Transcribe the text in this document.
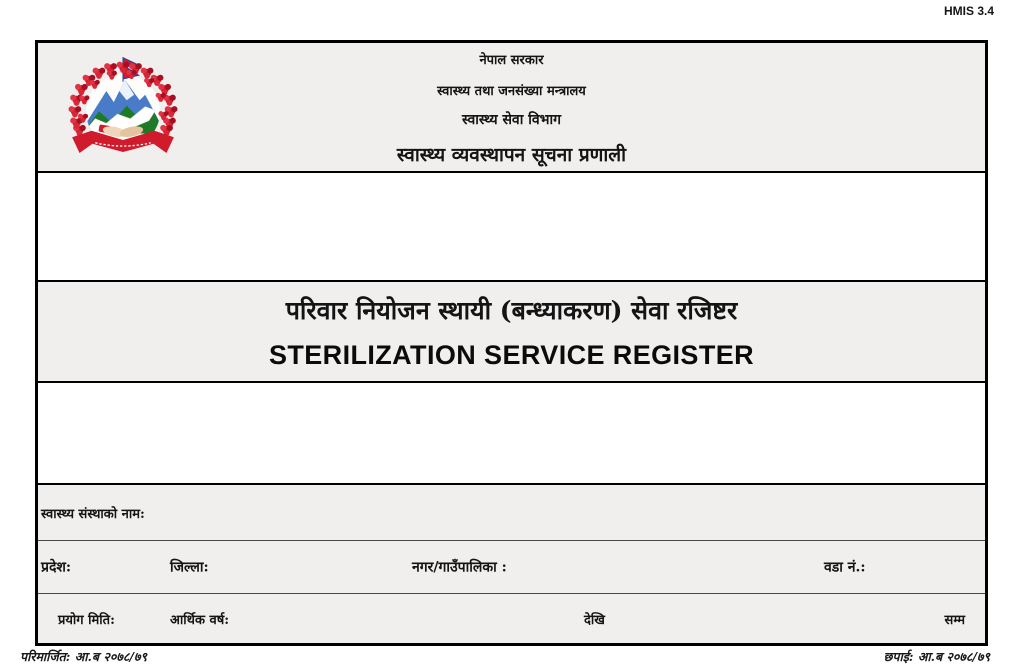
HMIS 3.4
नेपाल सरकार
स्वास्थ्य तथा जनसंख्या मन्त्रालय
स्वास्थ्य सेवा विभाग
स्वास्थ्य व्यवस्थापन सूचना प्रणाली
परिवार नियोजन स्थायी (बन्ध्याकरण) सेवा रजिष्टर
STERILIZATION SERVICE REGISTER
स्वास्थ्य संस्थाको नाम:
प्रदेश:	जिल्ला:	नगर/गाउँपालिका :	वडा नं.:
प्रयोग मिति:	आर्थिक वर्ष:	देखि	सम्म
परिमार्जित: आ.ब २०७८/७९	छपाई: आ.ब २०७८/७९
